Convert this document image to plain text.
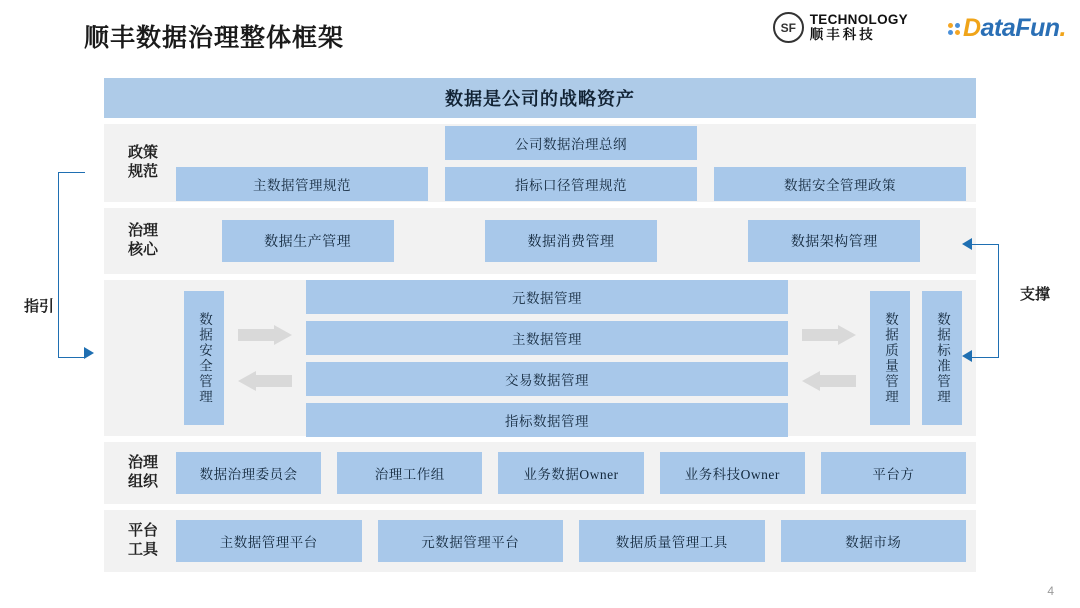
顺丰数据治理整体框架	SF
TECHNOLOGY
顺丰科技	DataFun.
数据是公司的战略资产
政策
规范
公司数据治理总纲
主数据管理规范	指标口径管理规范	数据安全管理政策
治理
核心	数据生产管理	数据消费管理	数据架构管理
数据安全管理
元数据管理
主数据管理
交易数据管理
指标数据管理
数据质量管理	数据标准管理
治理
组织	数据治理委员会	治理工作组	业务数据Owner	业务科技Owner	平台方
平台
工具	主数据管理平台	元数据管理平台	数据质量管理工具	数据市场
指引
支撑
4
